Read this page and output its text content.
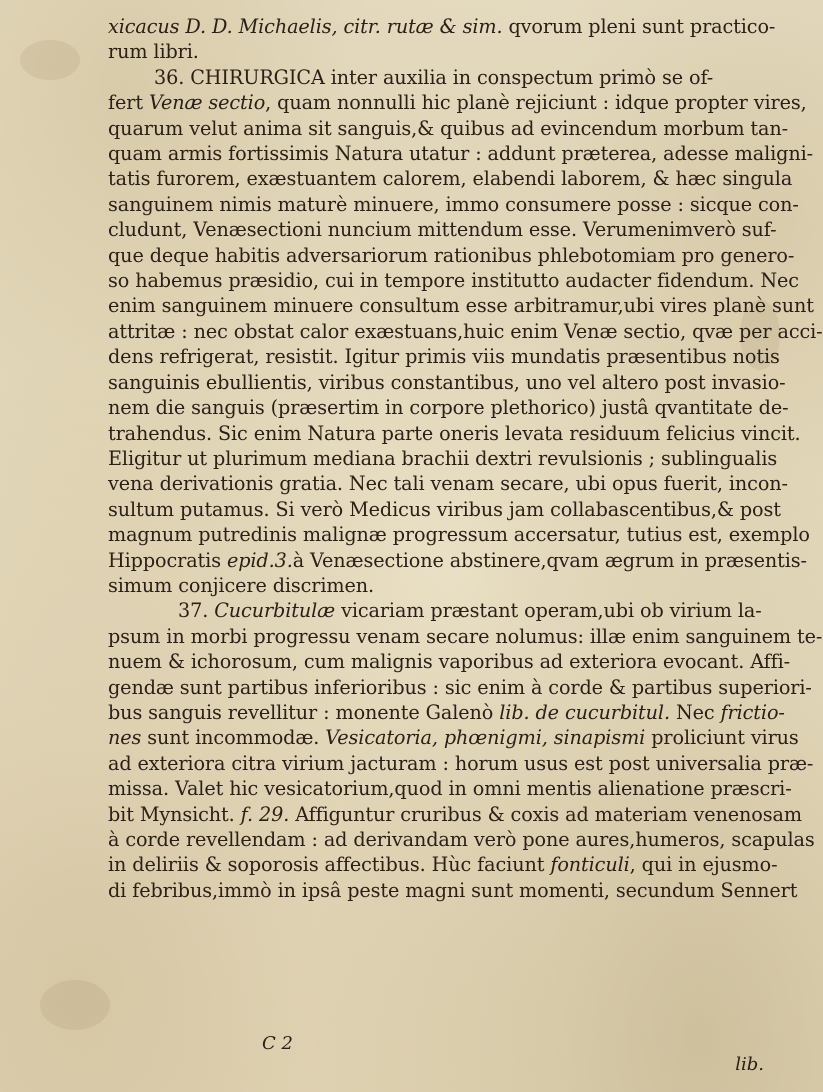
xicacus D. D. Michaelis, citr. rutæ & sim. qvorum pleni sunt practico-
rum libri.
36. CHIRURGICA inter auxilia in conspectum primò se of-
fert Venæ sectio, quam nonnulli hic planè rejiciunt : idque propter vires,
quarum velut anima sit sanguis,& quibus ad evincendum morbum tan-
quam armis fortissimis Natura utatur : addunt præterea, adesse maligni-
tatis furorem, exæstuantem calorem, elabendi laborem, & hæc singula
sanguinem nimis maturè minuere, immo consumere posse : sicque con-
cludunt, Venæsectioni nuncium mittendum esse. Verumenimverò suf-
que deque habitis adversariorum rationibus phlebotomiam pro genero-
so habemus præsidio, cui in tempore institutto audacter fidendum. Nec
enim sanguinem minuere consultum esse arbitramur,ubi vires planè sunt
attritæ : nec obstat calor exæstuans,huic enim Venæ sectio, qvæ per acci-
dens refrigerat, resistit. Igitur primis viis mundatis præsentibus notis
sanguinis ebullientis, viribus constantibus, uno vel altero post invasio-
nem die sanguis (præsertim in corpore plethorico) justâ qvantitate de-
trahendus. Sic enim Natura parte oneris levata residuum felicius vincit.
Eligitur ut plurimum mediana brachii dextri revulsionis ; sublingualis
vena derivationis gratia. Nec tali venam secare, ubi opus fuerit, incon-
sultum putamus. Si verò Medicus viribus jam collabascentibus,& post
magnum putredinis malignæ progressum accersatur, tutius est, exemplo
Hippocratis epid.3.à Venæsectione abstinere,qvam ægrum in præsentis-
simum conjicere discrimen.
37. Cucurbitulæ vicariam præstant operam,ubi ob virium la-
psum in morbi progressu venam secare nolumus: illæ enim sanguinem te-
nuem & ichorosum, cum malignis vaporibus ad exteriora evocant. Affi-
gendæ sunt partibus inferioribus : sic enim à corde & partibus superiori-
bus sanguis revellitur : monente Galenò lib. de cucurbitul. Nec frictio-
nes sunt incommodæ. Vesicatoria, phœnigmi, sinapismi proliciunt virus
ad exteriora citra virium jacturam : horum usus est post universalia præ-
missa. Valet hic vesicatorium,quod in omni mentis alienatione præscri-
bit Mynsicht. f. 29. Affiguntur cruribus & coxis ad materiam venenosam
à corde revellendam : ad derivandam verò pone aures,humeros, scapulas
in deliriis & soporosis affectibus. Hùc faciunt fonticuli, qui in ejusmo-
di febribus,immò in ipsâ peste magni sunt momenti, secundum Sennert
C 2
lib.
